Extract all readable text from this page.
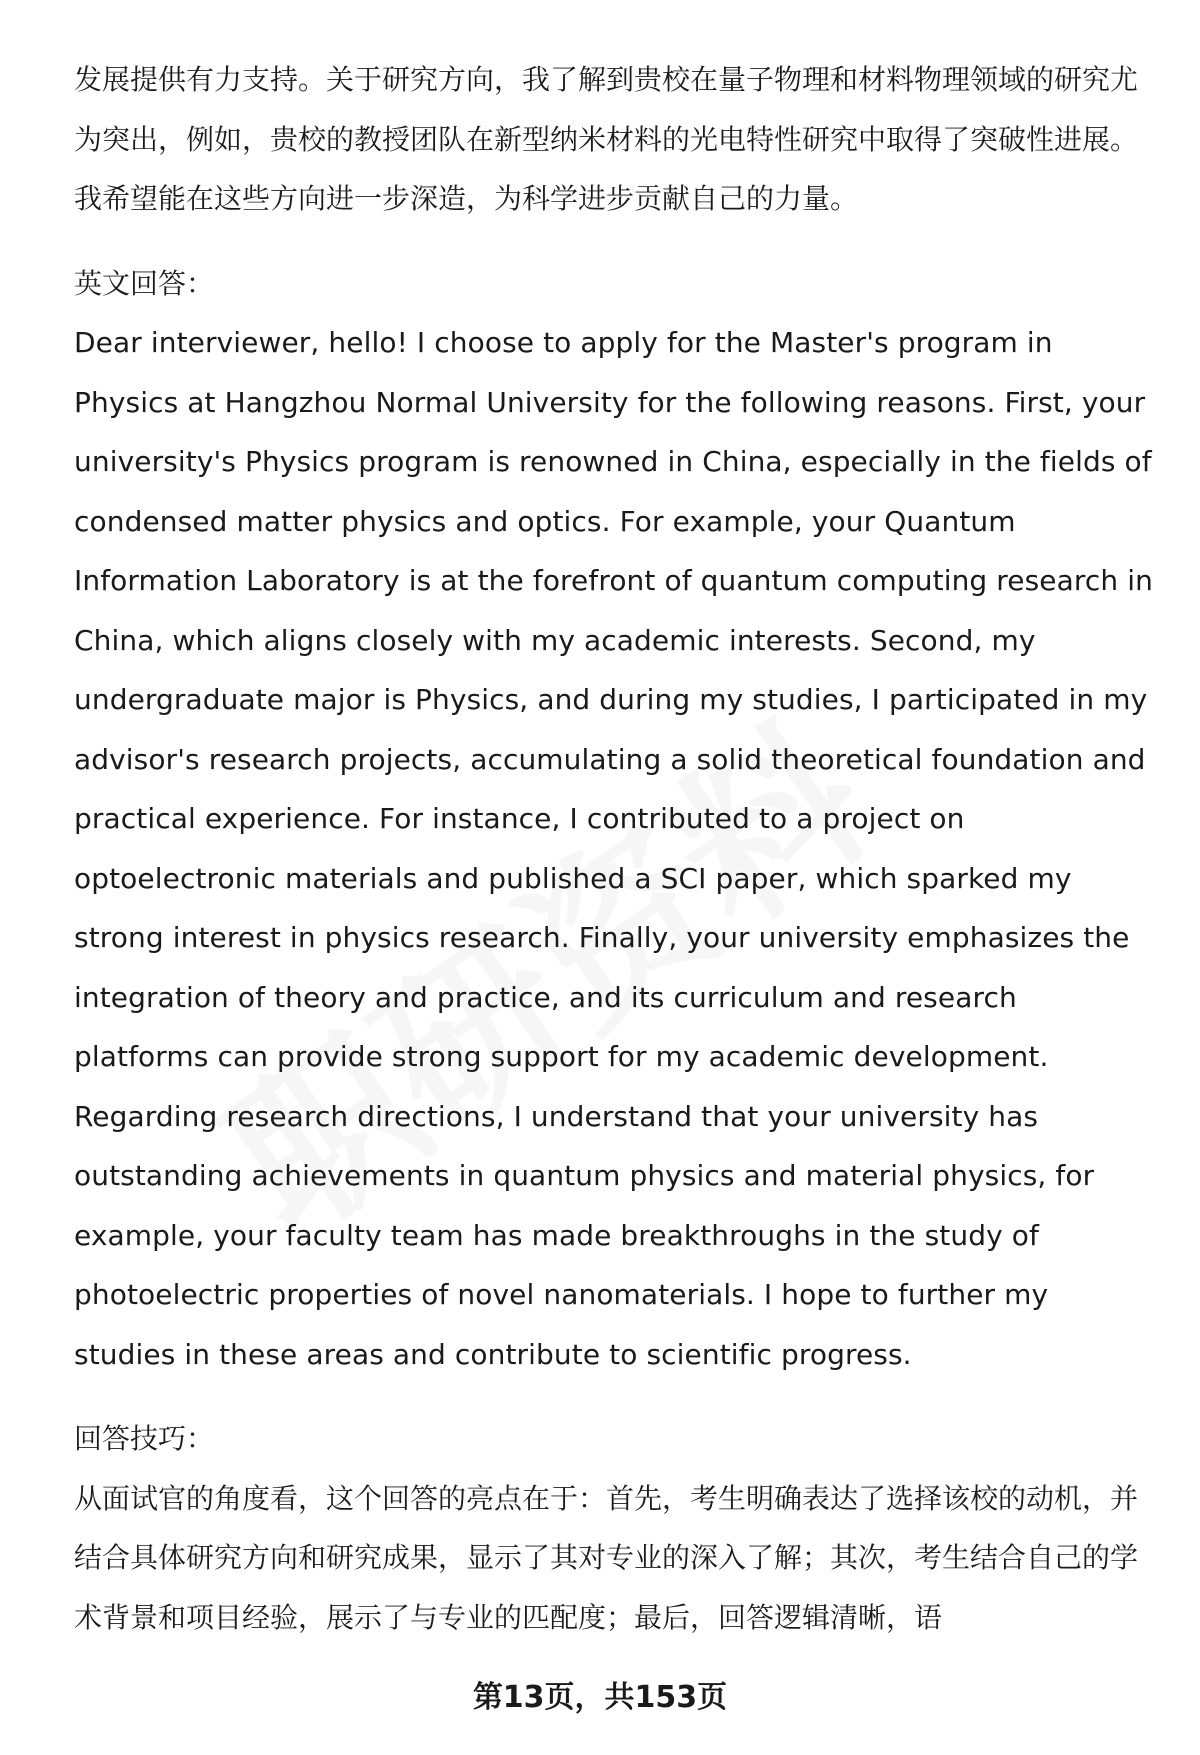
发展提供有力支持。关于研究方向，我了解到贵校在量子物理和材料物理领域的研究尤为突出，例如，贵校的教授团队在新型纳米材料的光电特性研究中取得了突破性进展。我希望能在这些方向进一步深造，为科学进步贡献自己的力量。

英文回答：

Dear interviewer, hello! I choose to apply for the Master's program in Physics at Hangzhou Normal University for the following reasons. First, your university's Physics program is renowned in China, especially in the fields of condensed matter physics and optics. For example, your Quantum Information Laboratory is at the forefront of quantum computing research in China, which aligns closely with my academic interests. Second, my undergraduate major is Physics, and during my studies, I participated in my advisor's research projects, accumulating a solid theoretical foundation and practical experience. For instance, I contributed to a project on optoelectronic materials and published a SCI paper, which sparked my strong interest in physics research. Finally, your university emphasizes the integration of theory and practice, and its curriculum and research platforms can provide strong support for my academic development. Regarding research directions, I understand that your university has outstanding achievements in quantum physics and material physics, for example, your faculty team has made breakthroughs in the study of photoelectric properties of novel nanomaterials. I hope to further my studies in these areas and contribute to scientific progress.

回答技巧：

从面试官的角度看，这个回答的亮点在于：首先，考生明确表达了选择该校的动机，并结合具体研究方向和研究成果，显示了其对专业的深入了解；其次，考生结合自己的学术背景和项目经验，展示了与专业的匹配度；最后，回答逻辑清晰，语

第13页，共153页
